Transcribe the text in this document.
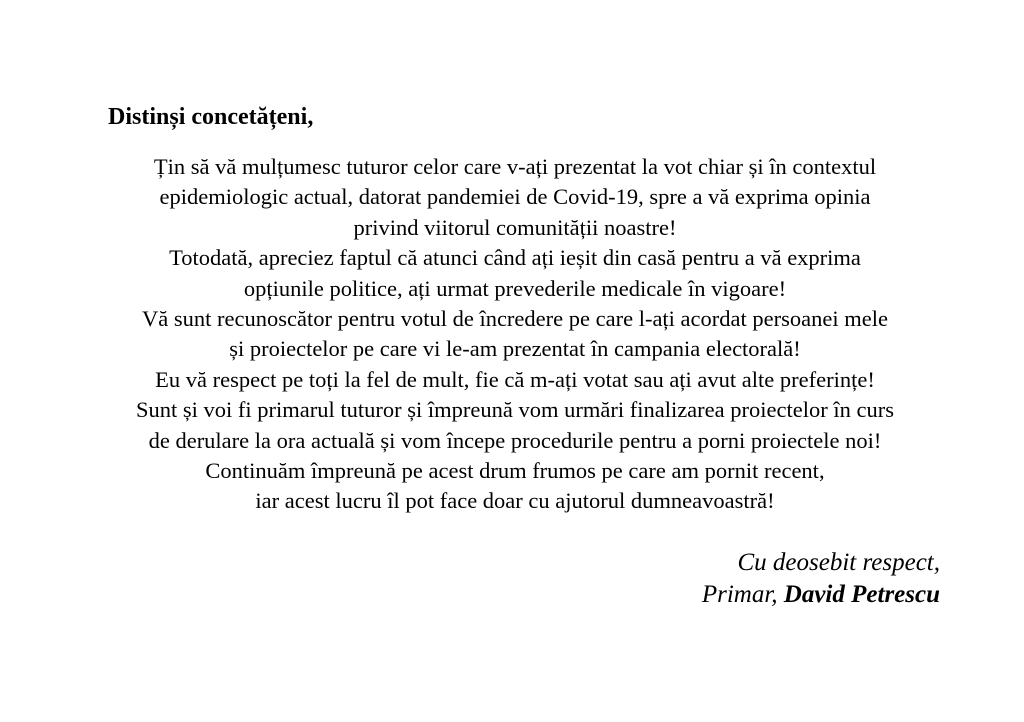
Distinși concetățeni,
Țin să vă mulțumesc tuturor celor care v-ați prezentat la vot chiar și în contextul
epidemiologic actual, datorat pandemiei de Covid-19, spre a vă exprima opinia
privind viitorul comunității noastre!
Totodată, apreciez faptul că atunci când ați ieșit din casă pentru a vă exprima
opțiunile politice, ați urmat prevederile medicale în vigoare!
Vă sunt recunoscător pentru votul de încredere pe care l-ați acordat persoanei mele
și proiectelor pe care vi le-am prezentat în campania electorală!
Eu vă respect pe toți la fel de mult, fie că m-ați votat sau ați avut alte preferințe!
Sunt și voi fi primarul tuturor și împreună vom urmări finalizarea proiectelor în curs
de derulare la ora actuală și vom începe procedurile pentru a porni proiectele noi!
Continuăm împreună pe acest drum frumos pe care am pornit recent,
iar acest lucru îl pot face doar cu ajutorul dumneavoastră!
Cu deosebit respect,
Primar, David Petrescu
